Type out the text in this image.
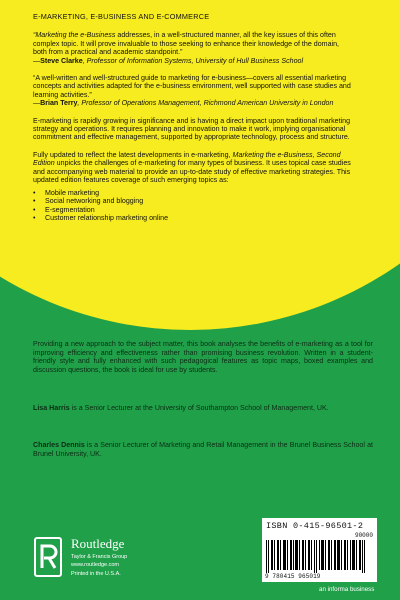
E-MARKETING, E-BUSINESS AND E-COMMERCE
“Marketing the e-Business addresses, in a well-structured manner, all the key issues of this often complex topic. It will prove invaluable to those seeking to enhance their knowledge of the domain, both from a practical and academic standpoint.”
—Steve Clarke, Professor of Information Systems, University of Hull Business School
“A well-written and well-structured guide to marketing for e-business—covers all essential marketing concepts and activities adapted for the e-business environment, well supported with case studies and learning activities.”
—Brian Terry, Professor of Operations Management, Richmond American University in London

E-marketing is rapidly growing in significance and is having a direct impact upon traditional marketing strategy and operations. It requires planning and innovation to make it work, implying organisational commitment and effective management, supported by appropriate technology, process and structure.

Fully updated to reflect the latest developments in e-marketing, Marketing the e-Business, Second Edition unpicks the challenges of e-marketing for many types of business. It uses topical case studies and accompanying web material to provide an up-to-date study of effective marketing strategies. This updated edition features coverage of such emerging topics as:

• Mobile marketing
• Social networking and blogging
• E-segmentation
• Customer relationship marketing online
Providing a new approach to the subject matter, this book analyses the benefits of e-marketing as a tool for improving efficiency and effectiveness rather than promising business revolution. Written in a student-friendly style and fully enhanced with such pedagogical features as topic maps, boxed examples and discussion questions, the book is ideal for use by students.
Lisa Harris is a Senior Lecturer at the University of Southampton School of Management, UK.
Charles Dennis is a Senior Lecturer of Marketing and Retail Management in the Brunel Business School at Brunel University, UK.
Routledge
Taylor & Francis Group
www.routledge.com
Printed in the U.S.A.
ISBN 0-415-96501-2
90000
9 780415 965019
an informa business
